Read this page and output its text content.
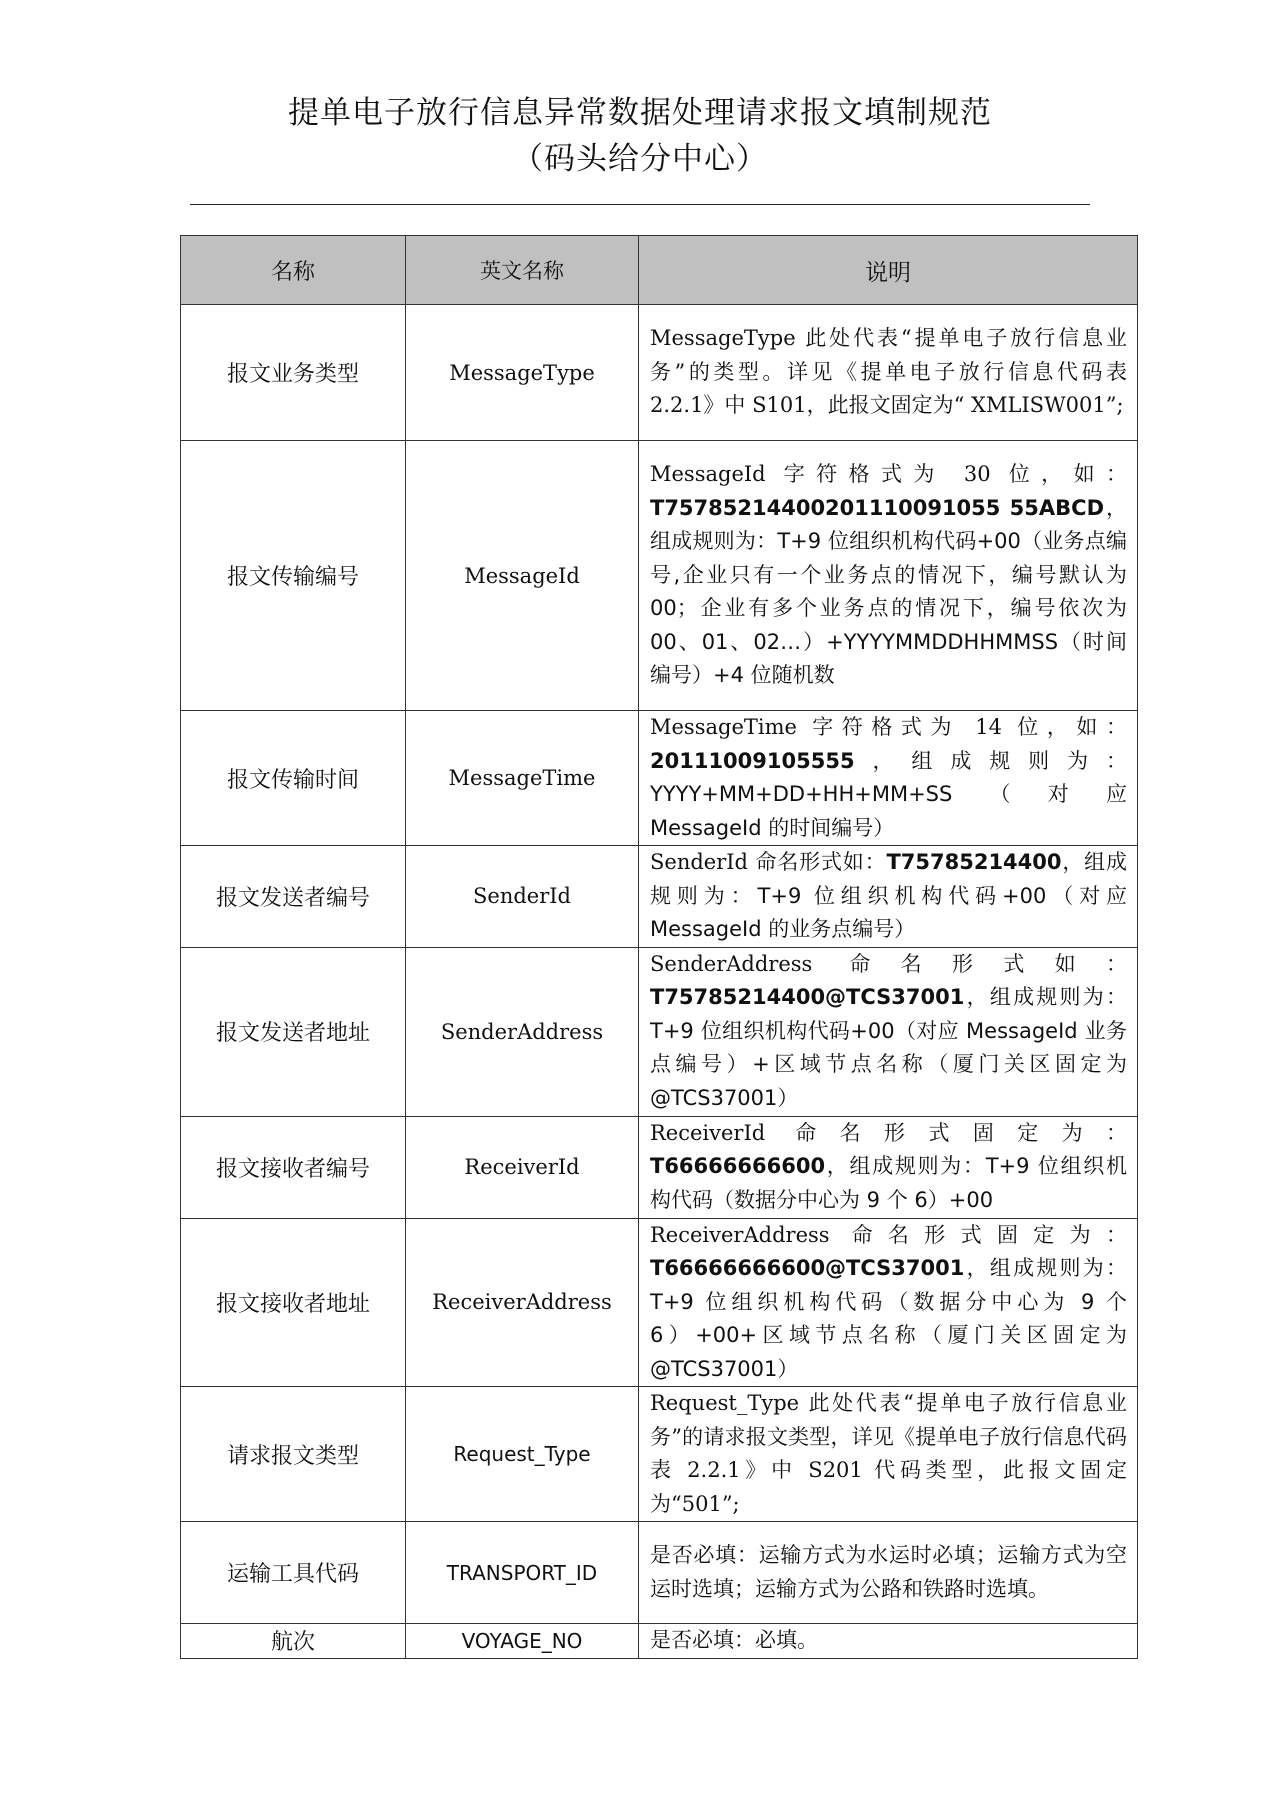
提单电子放行信息异常数据处理请求报文填制规范
（码头给分中心）
名称	英文名称	说明
报文业务类型	MessageType	MessageType 此处代表“提单电子放行信息业务”的类型。详见《提单电子放行信息代码表 2.2.1》中 S101，此报文固定为“ XMLISW001”;
报文传输编号	MessageId	MessageId 字符格式为 30 位，如：T75785214400201110091055 55ABCD，组成规则为：T+9 位组织机构代码+00（业务点编号,企业只有一个业务点的情况下，编号默认为 00；企业有多个业务点的情况下，编号依次为 00、01、02…）+YYYYMMDDHHMMSS（时间编号）+4 位随机数
报文传输时间	MessageTime	MessageTime 字符格式为 14 位，如：20111009105555，组成规则为：YYYY+MM+DD+HH+MM+SS（对应 MessageId 的时间编号）
报文发送者编号	SenderId	SenderId 命名形式如：T75785214400，组成规则为：T+9 位组织机构代码+00（对应 MessageId 的业务点编号）
报文发送者地址	SenderAddress	SenderAddress 命名形式如：T75785214400@TCS37001，组成规则为：T+9 位组织机构代码+00（对应 MessageId 业务点编号）+区域节点名称（厦门关区固定为@TCS37001）
报文接收者编号	ReceiverId	ReceiverId 命名形式固定为：T66666666600，组成规则为：T+9 位组织机构代码（数据分中心为 9 个 6）+00
报文接收者地址	ReceiverAddress	ReceiverAddress 命名形式固定为：T66666666600@TCS37001，组成规则为：T+9 位组织机构代码（数据分中心为 9 个 6）+00+区域节点名称（厦门关区固定为@TCS37001）
请求报文类型	Request_Type	Request_Type 此处代表“提单电子放行信息业务”的请求报文类型，详见《提单电子放行信息代码表 2.2.1》中 S201 代码类型，此报文固定为“501”;
运输工具代码	TRANSPORT_ID	是否必填：运输方式为水运时必填；运输方式为空运时选填；运输方式为公路和铁路时选填。
航次	VOYAGE_NO	是否必填：必填。
